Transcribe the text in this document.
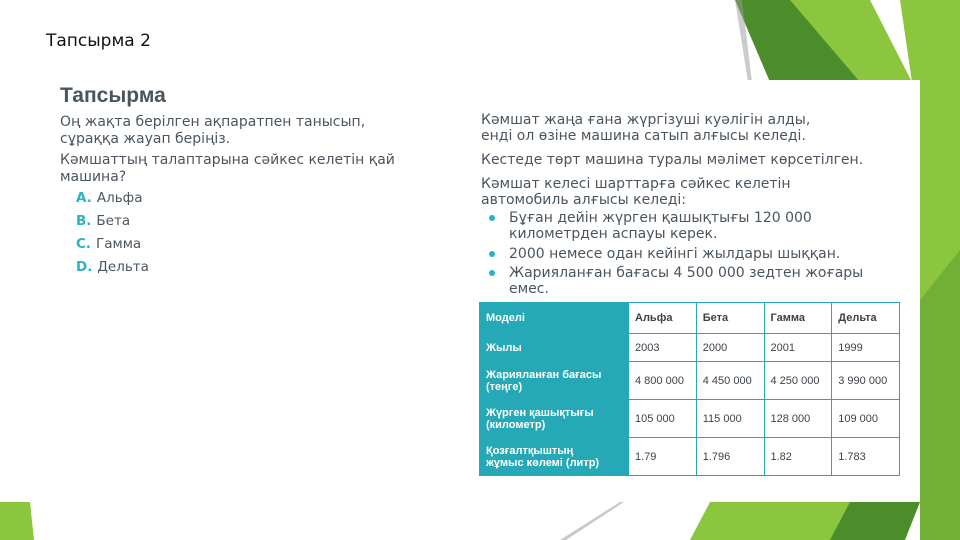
Тапсырма 2
Тапсырма
Оң жақта берілген ақпаратпен танысып,
сұраққа жауап беріңіз.
Кәмшаттың талаптарына сәйкес келетін қай
машина?
A. Альфа
B. Бета
C. Гамма
D. Дельта
Кәмшат жаңа ғана жүргізуші куәлігін алды,
енді ол өзіне машина сатып алғысы келеді.
Кестеде төрт машина туралы мәлімет көрсетілген.
Кәмшат келесі шарттарға сәйкес келетін
автомобиль алғысы келеді:
Бұған дейін жүрген қашықтығы 120 000
километрден аспауы керек.
2000 немесе одан кейінгі жылдары шыққан.
Жарияланған бағасы 4 500 000 зедтен жоғары
емес.
Моделі	Альфа	Бета	Гамма	Дельта

Жылы	2003	2000	2001	1999

Жарияланған бағасы
(теңге)	4 800 000	4 450 000	4 250 000	3 990 000

Жүрген қашықтығы
(километр)	105 000	115 000	128 000	109 000

Қозғалтқыштың
жұмыс көлемі (литр)	1.79	1.796	1.82	1.783
